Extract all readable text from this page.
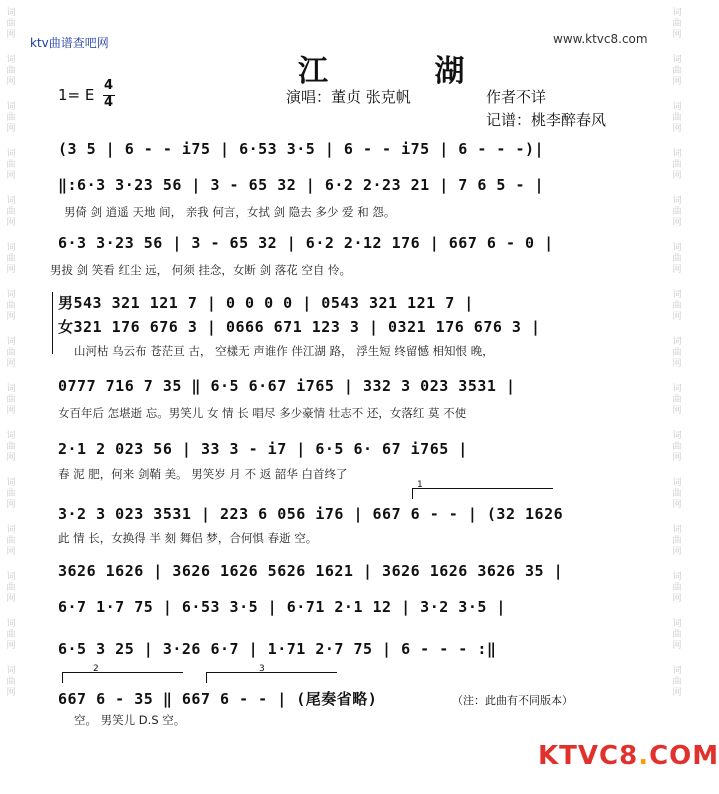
词曲网
词曲网
词曲网
词曲网
词曲网
词曲网
词曲网
词曲网
词曲网
词曲网
词曲网
词曲网
词曲网
词曲网
词曲网
词曲网
词曲网
词曲网
词曲网
词曲网
词曲网
词曲网
词曲网
词曲网
词曲网
词曲网
词曲网
词曲网
词曲网
词曲网
ktv曲谱查吧网	www.ktvc8.com
江 湖
1= E
4
4	演唱：董贞 张克帆	作者不详
记谱：桃李醉春风
(3 5 | 6 - - i75 | 6·53 3·5 | 6 - - i75 | 6 - - -)|
‖:6·3 3·23 56 | 3 - 65 32 | 6·2 2·23 21 | 7 6 5 - |
男倚 剑 逍遥 天地 间， 亲我 何言，女拭 剑 隐去 多少 爱 和 怨。
6·3 3·23 56 | 3 - 65 32 | 6·2 2·12 176 | 667 6 - 0 |
男拔 剑 笑看 红尘 远， 何须 挂念，女断 剑 落花 空自 怜。
男543 321 121 7 | 0 0 0 0 | 0543 321 121 7 |
女321 176 676 3 | 0666 671 123 3 | 0321 176 676 3 |
山河枯 乌云布 苍茫亘 古， 空樣无 声谁作 伴江湖 路， 浮生短 终留憾 相知恨 晚，
0777 716 7 35 ‖ 6·5 6·67 i765 | 332 3 023 3531 |
女百年后 怎堪逝 忘。男笑儿 女 情 长 唱尽 多少豪情 壮志不 还，女落红 莫 不使
2·1 2 023 56 | 33 3 - i7 | 6·5 6· 67 i765 |
春 泥 肥，何来 剑鞘 美。 男笑岁 月 不 返 韶华 白首终了
1
3·2 3 023 3531 | 223 6 056 i76 | 667 6 - - | (32 1626
此 情 长，女换得 半 刻 舞侣 梦，合何惧 春逝 空。
3626 1626 | 3626 1626 5626 1621 | 3626 1626 3626 35 |
6·7 1·7 75 | 6·53 3·5 | 6·71 2·1 12 | 3·2 3·5 |
6·5 3 25 | 3·26 6·7 | 1·71 2·7 75 | 6 - - - :‖
2	3
667 6 - 35 ‖ 667 6 - - | (尾奏省略)
空。 男笑儿 D.S 空。
（注：此曲有不同版本）
KTVC8.COM
